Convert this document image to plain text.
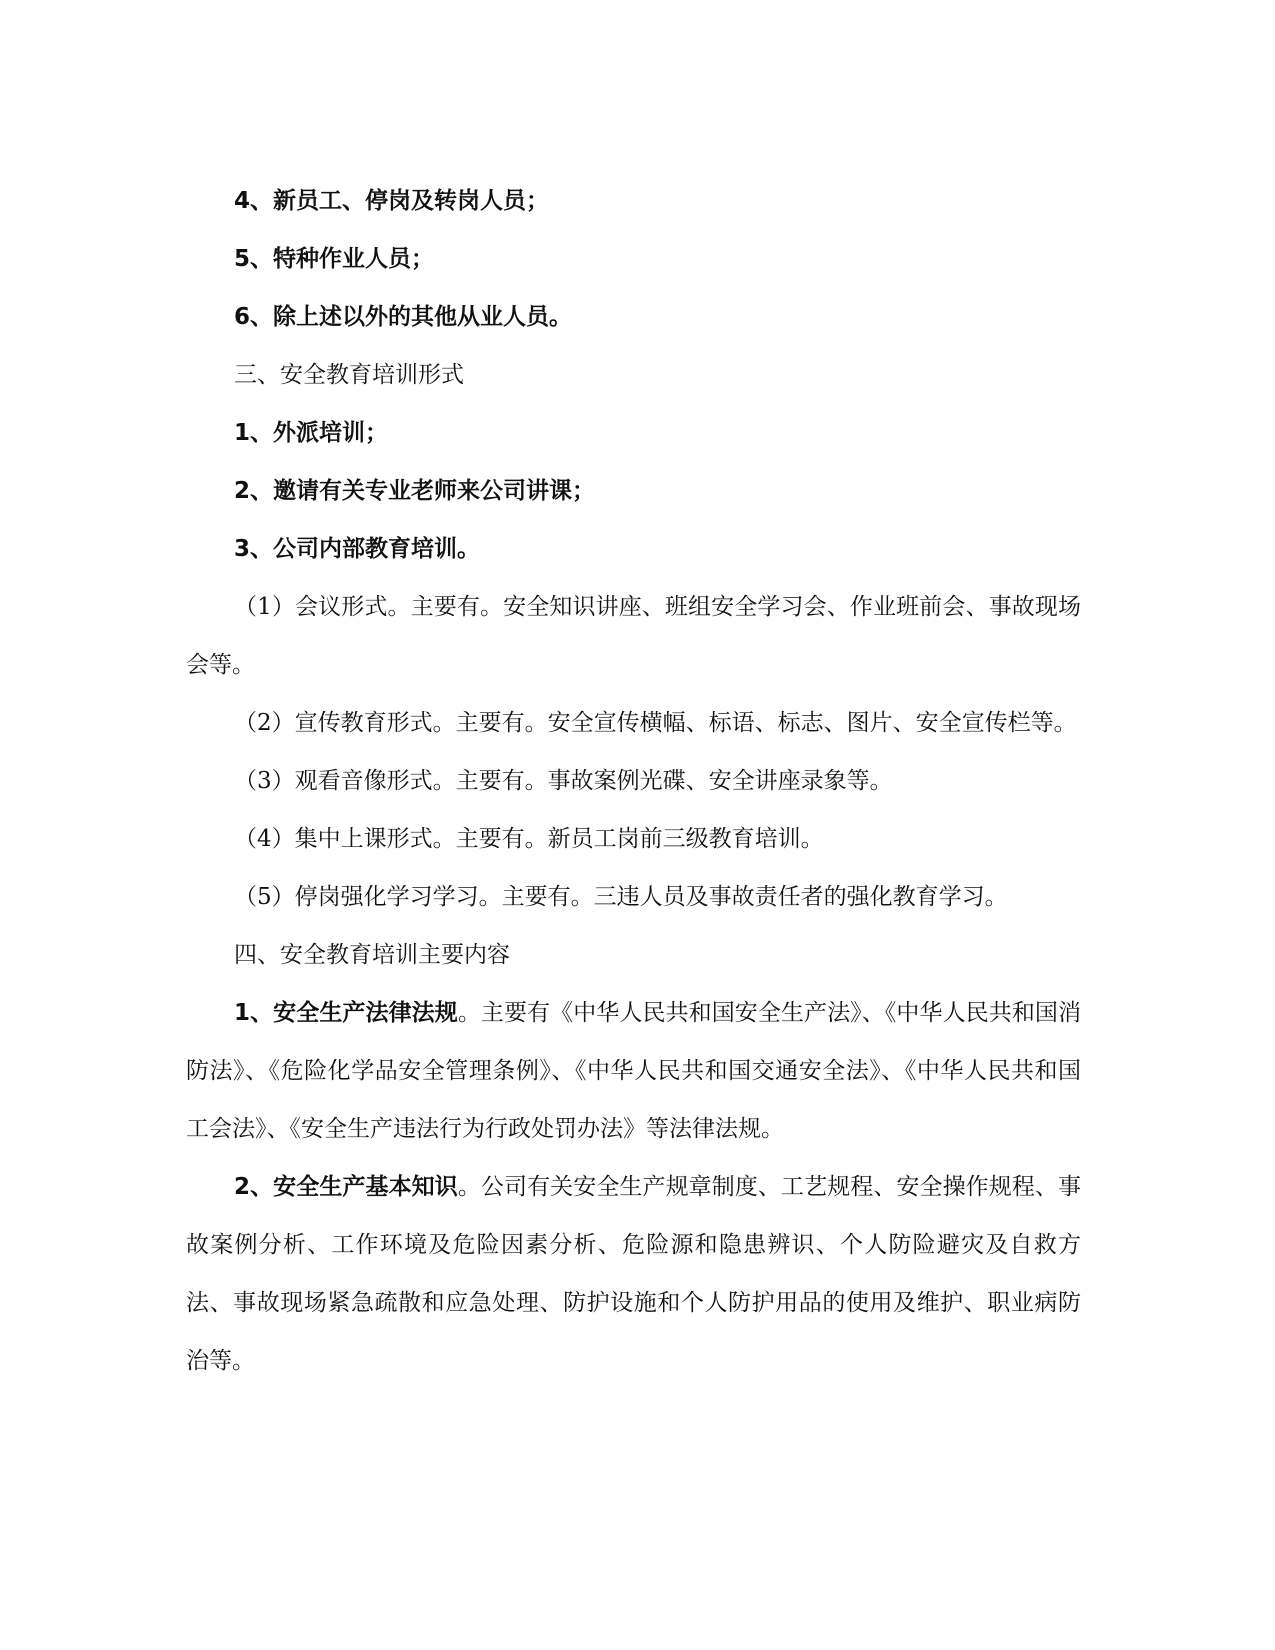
4、新员工、停岗及转岗人员；

5、特种作业人员；

6、除上述以外的其他从业人员。

三、安全教育培训形式

1、外派培训；

2、邀请有关专业老师来公司讲课；

3、公司内部教育培训。

（1）会议形式。主要有。安全知识讲座、班组安全学习会、作业班前会、事故现场会等。

（2）宣传教育形式。主要有。安全宣传横幅、标语、标志、图片、安全宣传栏等。

（3）观看音像形式。主要有。事故案例光碟、安全讲座录象等。

（4）集中上课形式。主要有。新员工岗前三级教育培训。

（5）停岗强化学习学习。主要有。三违人员及事故责任者的强化教育学习。

四、安全教育培训主要内容

1、安全生产法律法规。主要有《中华人民共和国安全生产法》、《中华人民共和国消防法》、《危险化学品安全管理条例》、《中华人民共和国交通安全法》、《中华人民共和国工会法》、《安全生产违法行为行政处罚办法》等法律法规。

2、安全生产基本知识。公司有关安全生产规章制度、工艺规程、安全操作规程、事故案例分析、工作环境及危险因素分析、危险源和隐患辨识、个人防险避灾及自救方法、事故现场紧急疏散和应急处理、防护设施和个人防护用品的使用及维护、职业病防治等。
